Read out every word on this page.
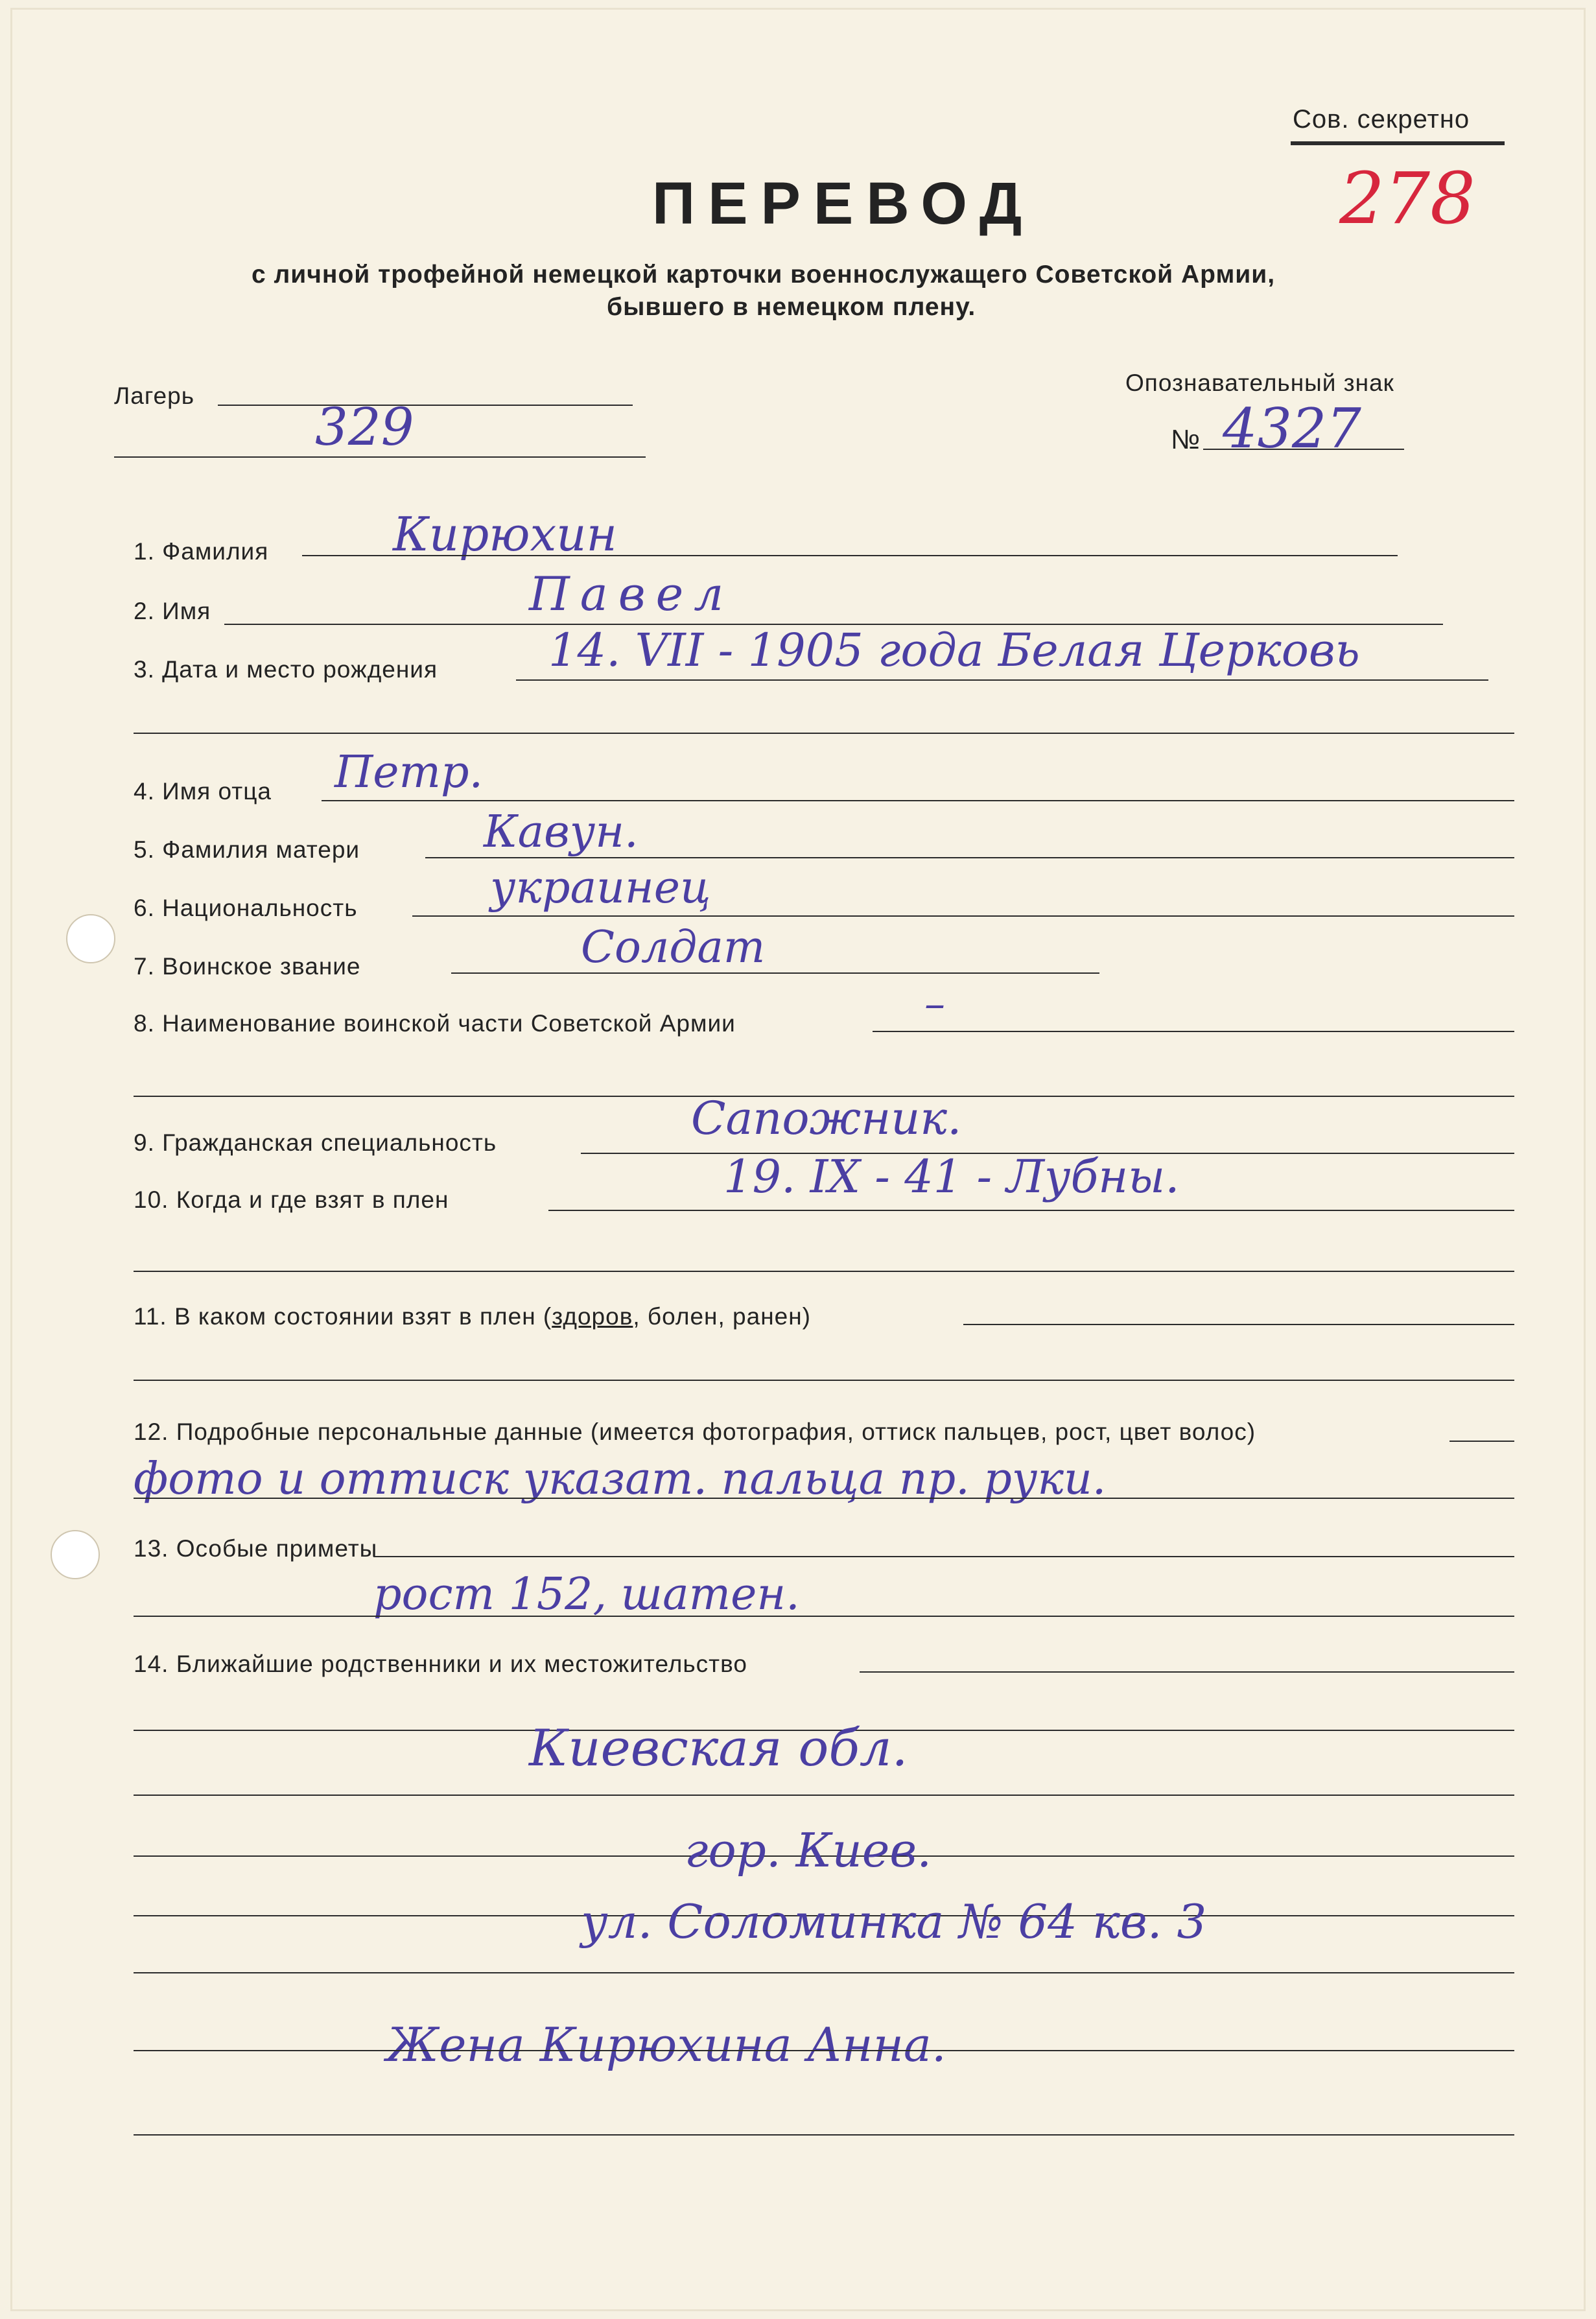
Сов. секретно
278
ПЕРЕВОД
с личной трофейной немецкой карточки военнослужащего Советской Армии,
бывшего в немецком плену.
Лагерь
329
Опознавательный знак
№ 4327
1. Фамилия	Кирюхин
2. Имя	Павел
3. Дата и место рождения 14. VII - 1905 года Белая Церковь
4. Имя отца Петр.
5. Фамилия матери	Кавун.
6. Национальность	украинец
7. Воинское звание	Солдат
8. Наименование воинской части Советской Армии	–
9. Гражданская специальность	Сапожник.
10. Когда и где взят в плен	19. IX - 41 - Лубны.
11. В каком состоянии взят в плен (здоров, болен, ранен)
12. Подробные персональные данные (имеется фотография, оттиск пальцев, рост, цвет волос)
фото и оттиск указат. пальца пр. руки.
13. Особые приметы
рост 152, шатен.
14. Ближайшие родственники и их местожительство
Киевская обл.
гор. Киев.
ул. Соломинка № 64 кв. 3
Жена Кирюхина Анна.
